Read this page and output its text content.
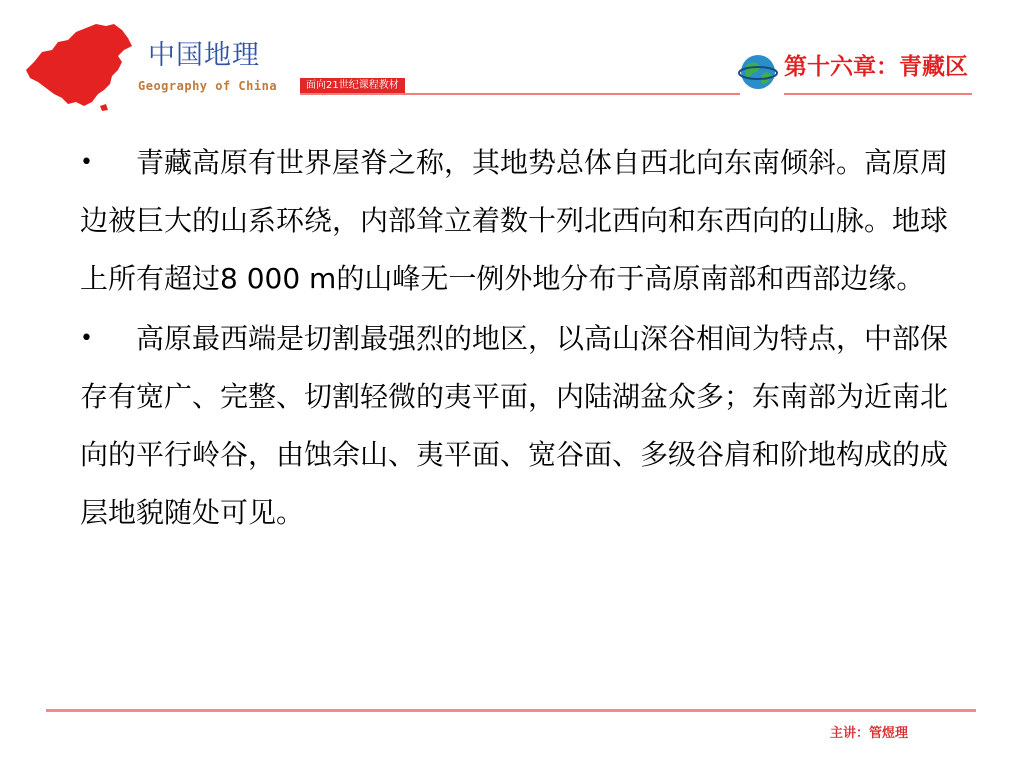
中国地理
Geography of China	面向21世纪课程教材
第十六章：青藏区
• 青藏高原有世界屋脊之称，其地势总体自西北向东南倾斜。高原周边被巨大的山系环绕，内部耸立着数十列北西向和东西向的山脉。地球上所有超过8 000 m的山峰无一例外地分布于高原南部和西部边缘。
• 高原最西端是切割最强烈的地区，以高山深谷相间为特点，中部保存有宽广、完整、切割轻微的夷平面，内陆湖盆众多；东南部为近南北向的平行岭谷，由蚀余山、夷平面、宽谷面、多级谷肩和阶地构成的成层地貌随处可见。
主讲：管煜理
